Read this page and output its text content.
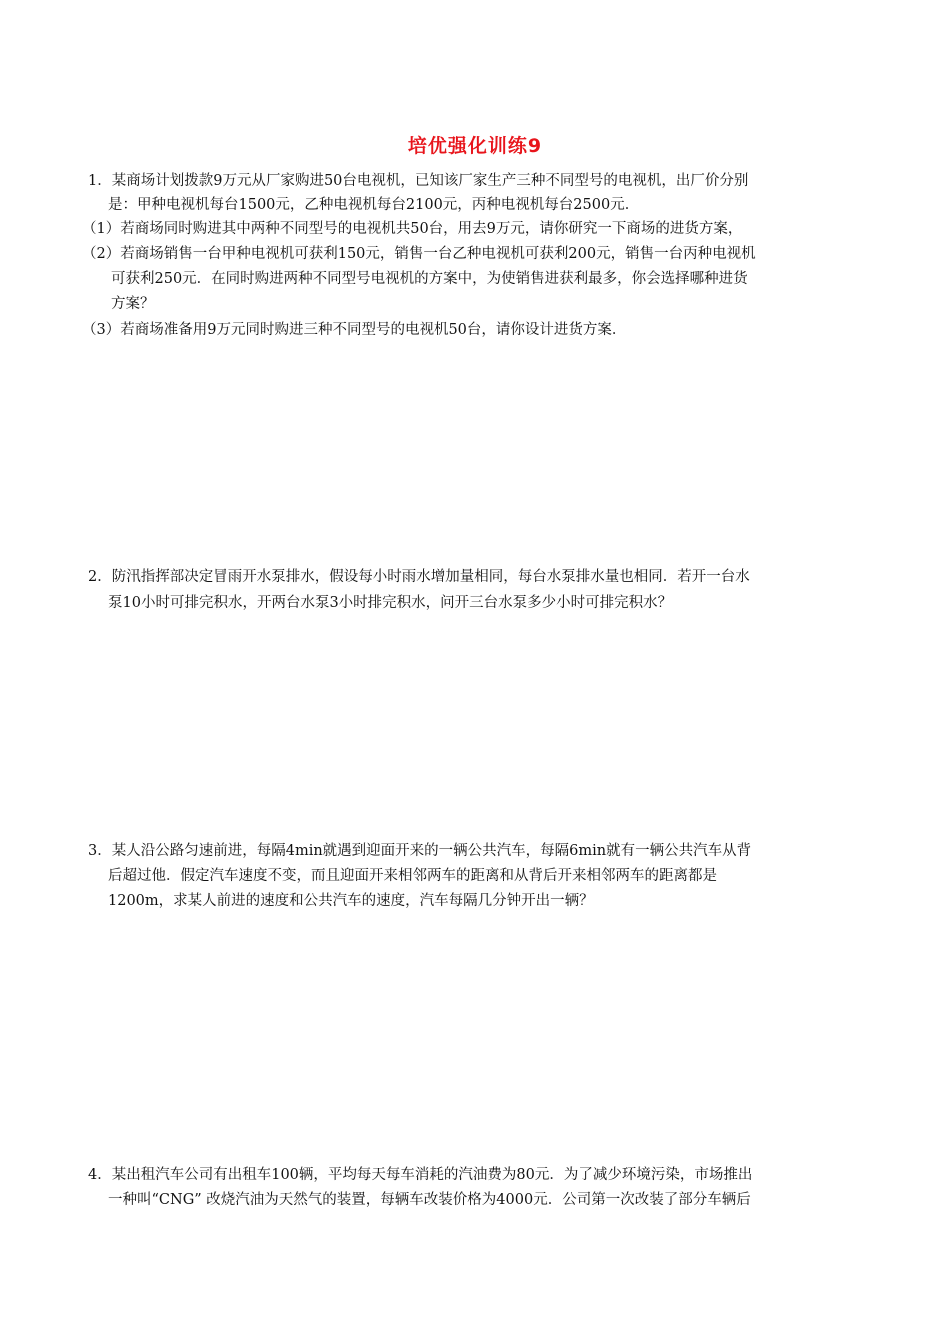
培优强化训练9
1．某商场计划拨款9万元从厂家购进50台电视机，已知该厂家生产三种不同型号的电视机，出厂价分别
是：甲种电视机每台1500元，乙种电视机每台2100元，丙种电视机每台2500元．
（1）若商场同时购进其中两种不同型号的电视机共50台，用去9万元，请你研究一下商场的进货方案，
（2）若商场销售一台甲种电视机可获利150元，销售一台乙种电视机可获利200元，销售一台丙种电视机
可获利250元．在同时购进两种不同型号电视机的方案中，为使销售进获利最多，你会选择哪种进货
方案？
（3）若商场准备用9万元同时购进三种不同型号的电视机50台，请你设计进货方案．
2．防汛指挥部决定冒雨开水泵排水，假设每小时雨水增加量相同，每台水泵排水量也相同．若开一台水
泵10小时可排完积水，开两台水泵3小时排完积水，问开三台水泵多少小时可排完积水？
3．某人沿公路匀速前进，每隔4min就遇到迎面开来的一辆公共汽车，每隔6min就有一辆公共汽车从背
后超过他．假定汽车速度不变，而且迎面开来相邻两车的距离和从背后开来相邻两车的距离都是
1200m，求某人前进的速度和公共汽车的速度，汽车每隔几分钟开出一辆？
4．某出租汽车公司有出租车100辆，平均每天每车消耗的汽油费为80元．为了减少环境污染，市场推出
一种叫“CNG” 改烧汽油为天然气的装置，每辆车改装价格为4000元．公司第一次改装了部分车辆后
